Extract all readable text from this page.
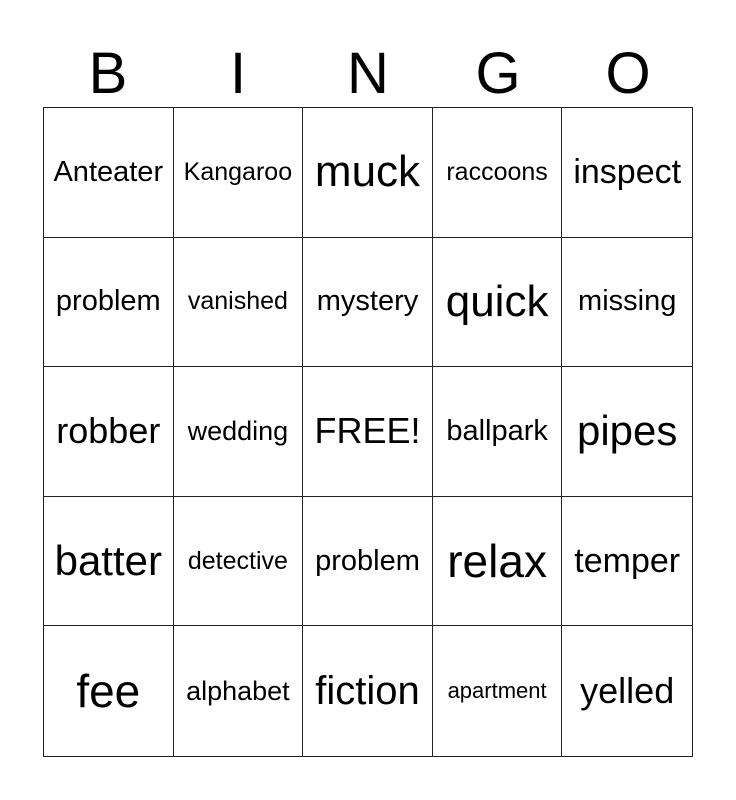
B	I	N	G	O
Anteater Kangaroo muck raccoons inspect
problem vanished mystery quick missing
robber wedding FREE! ballpark pipes
batter detective problem relax temper
fee alphabet fiction apartment yelled
